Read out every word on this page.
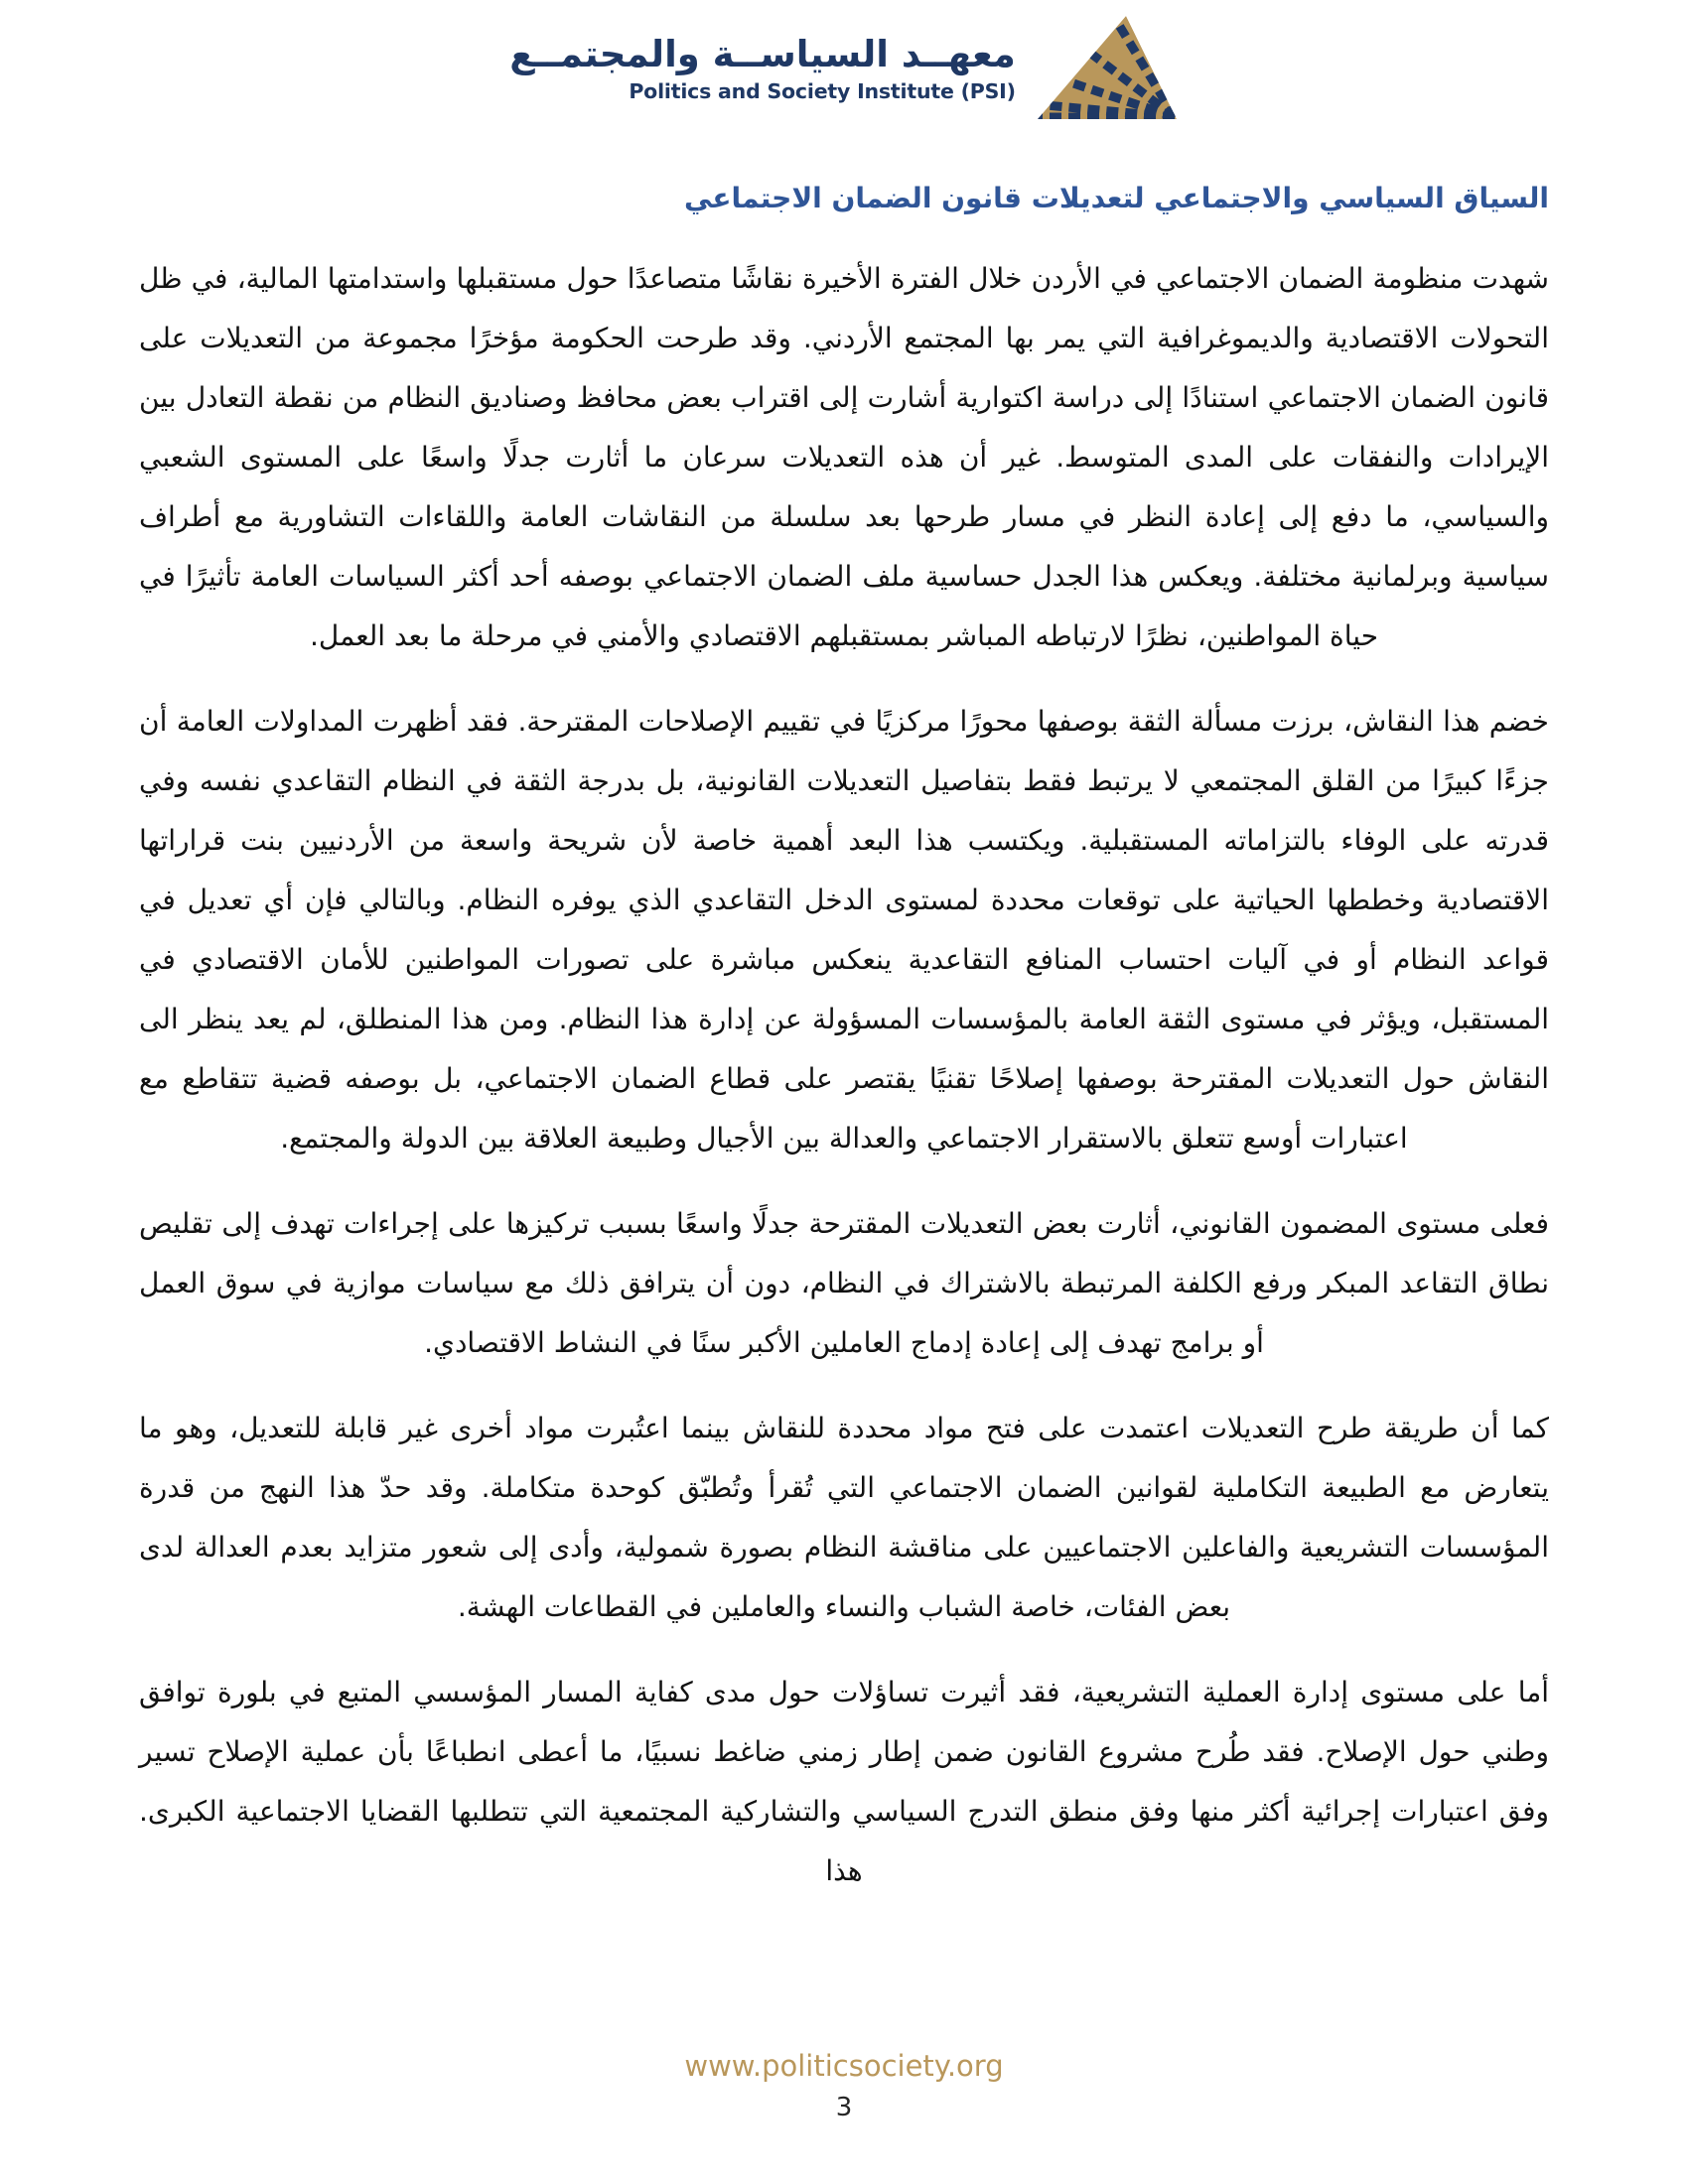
معهــد السياســة والمجتمــع
Politics and Society Institute (PSI)
السياق السياسي والاجتماعي لتعديلات قانون الضمان الاجتماعي

شهدت منظومة الضمان الاجتماعي في الأردن خلال الفترة الأخيرة نقاشًا متصاعدًا حول مستقبلها واستدامتها المالية، في ظل التحولات الاقتصادية والديموغرافية التي يمر بها المجتمع الأردني. وقد طرحت الحكومة مؤخرًا مجموعة من التعديلات على قانون الضمان الاجتماعي استنادًا إلى دراسة اكتوارية أشارت إلى اقتراب بعض محافظ وصناديق النظام من نقطة التعادل بين الإيرادات والنفقات على المدى المتوسط. غير أن هذه التعديلات سرعان ما أثارت جدلًا واسعًا على المستوى الشعبي والسياسي، ما دفع إلى إعادة النظر في مسار طرحها بعد سلسلة من النقاشات العامة واللقاءات التشاورية مع أطراف سياسية وبرلمانية مختلفة. ويعكس هذا الجدل حساسية ملف الضمان الاجتماعي بوصفه أحد أكثر السياسات العامة تأثيرًا في حياة المواطنين، نظرًا لارتباطه المباشر بمستقبلهم الاقتصادي والأمني في مرحلة ما بعد العمل.

خضم هذا النقاش، برزت مسألة الثقة بوصفها محورًا مركزيًا في تقييم الإصلاحات المقترحة. فقد أظهرت المداولات العامة أن جزءًا كبيرًا من القلق المجتمعي لا يرتبط فقط بتفاصيل التعديلات القانونية، بل بدرجة الثقة في النظام التقاعدي نفسه وفي قدرته على الوفاء بالتزاماته المستقبلية. ويكتسب هذا البعد أهمية خاصة لأن شريحة واسعة من الأردنيين بنت قراراتها الاقتصادية وخططها الحياتية على توقعات محددة لمستوى الدخل التقاعدي الذي يوفره النظام. وبالتالي فإن أي تعديل في قواعد النظام أو في آليات احتساب المنافع التقاعدية ينعكس مباشرة على تصورات المواطنين للأمان الاقتصادي في المستقبل، ويؤثر في مستوى الثقة العامة بالمؤسسات المسؤولة عن إدارة هذا النظام. ومن هذا المنطلق، لم يعد ينظر الى النقاش حول التعديلات المقترحة بوصفها إصلاحًا تقنيًا يقتصر على قطاع الضمان الاجتماعي، بل بوصفه قضية تتقاطع مع اعتبارات أوسع تتعلق بالاستقرار الاجتماعي والعدالة بين الأجيال وطبيعة العلاقة بين الدولة والمجتمع.

فعلى مستوى المضمون القانوني، أثارت بعض التعديلات المقترحة جدلًا واسعًا بسبب تركيزها على إجراءات تهدف إلى تقليص نطاق التقاعد المبكر ورفع الكلفة المرتبطة بالاشتراك في النظام، دون أن يترافق ذلك مع سياسات موازية في سوق العمل أو برامج تهدف إلى إعادة إدماج العاملين الأكبر سنًا في النشاط الاقتصادي.

كما أن طريقة طرح التعديلات اعتمدت على فتح مواد محددة للنقاش بينما اعتُبرت مواد أخرى غير قابلة للتعديل، وهو ما يتعارض مع الطبيعة التكاملية لقوانين الضمان الاجتماعي التي تُقرأ وتُطبّق كوحدة متكاملة. وقد حدّ هذا النهج من قدرة المؤسسات التشريعية والفاعلين الاجتماعيين على مناقشة النظام بصورة شمولية، وأدى إلى شعور متزايد بعدم العدالة لدى بعض الفئات، خاصة الشباب والنساء والعاملين في القطاعات الهشة.

أما على مستوى إدارة العملية التشريعية، فقد أثيرت تساؤلات حول مدى كفاية المسار المؤسسي المتبع في بلورة توافق وطني حول الإصلاح. فقد طُرح مشروع القانون ضمن إطار زمني ضاغط نسبيًا، ما أعطى انطباعًا بأن عملية الإصلاح تسير وفق اعتبارات إجرائية أكثر منها وفق منطق التدرج السياسي والتشاركية المجتمعية التي تتطلبها القضايا الاجتماعية الكبرى. هذا

www.politicsociety.org
3
